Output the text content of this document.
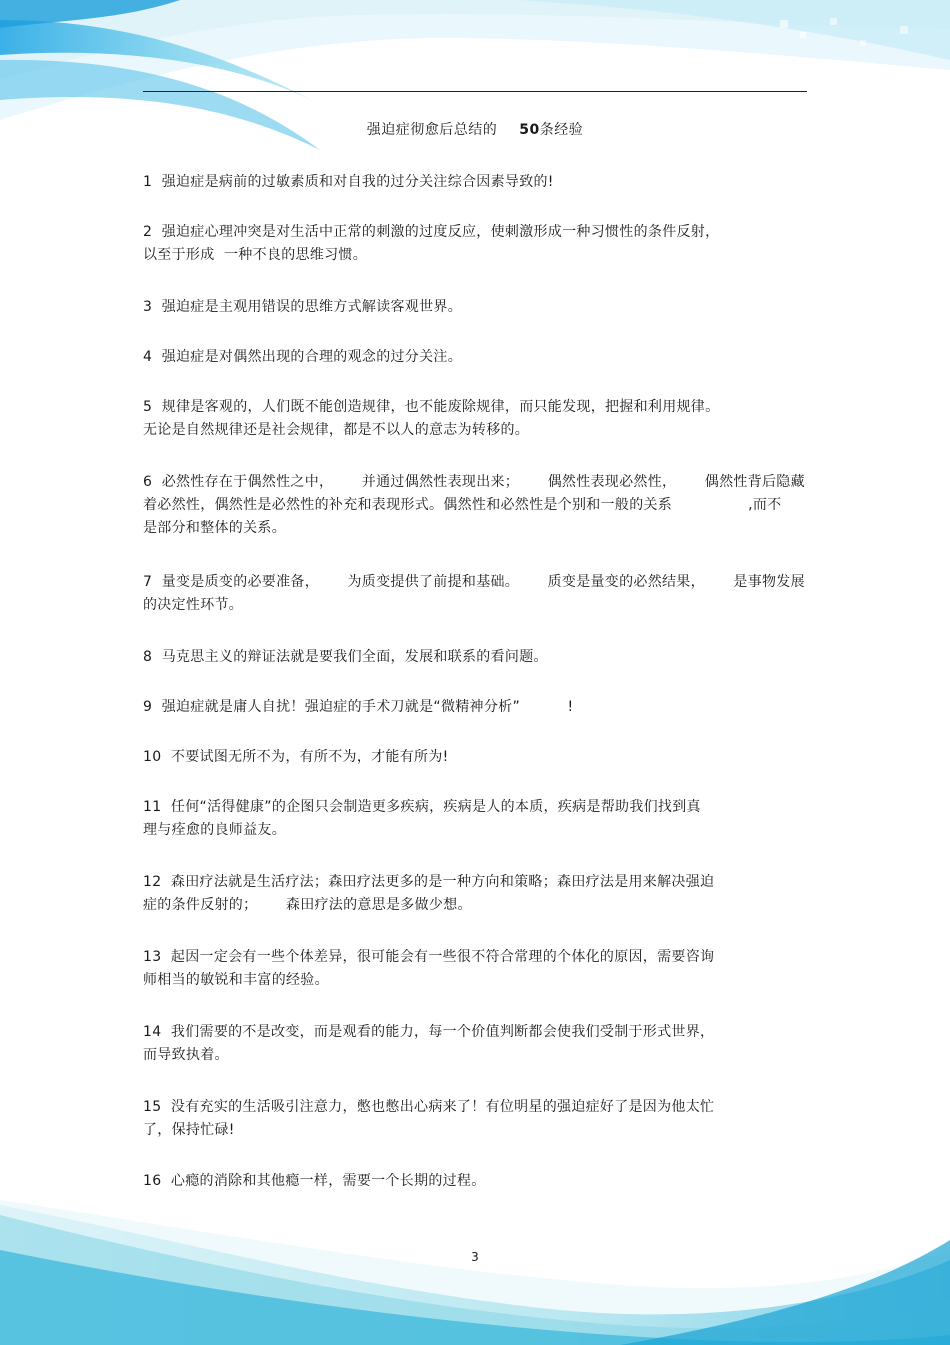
强迫症彻愈后总结的 50条经验
1  强迫症是病前的过敏素质和对自我的过分关注综合因素导致的!
2  强迫症心理冲突是对生活中正常的刺激的过度反应，使刺激形成一种习惯性的条件反射，
以至于形成  一种不良的思维习惯。
3  强迫症是主观用错误的思维方式解读客观世界。
4  强迫症是对偶然出现的合理的观念的过分关注。
5  规律是客观的，人们既不能创造规律，也不能废除规律，而只能发现，把握和利用规律。
无论是自然规律还是社会规律，都是不以人的意志为转移的。
6  必然性存在于偶然性之中，      并通过偶然性表现出来；      偶然性表现必然性，      偶然性背后隐藏
着必然性，偶然性是必然性的补充和表现形式。偶然性和必然性是个别和一般的关系                ,而不
是部分和整体的关系。
7  量变是质变的必要准备，      为质变提供了前提和基础。      质变是量变的必然结果，      是事物发展
的决定性环节。
8  马克思主义的辩证法就是要我们全面，发展和联系的看问题。
9  强迫症就是庸人自扰！强迫症的手术刀就是“微精神分析”          !
10  不要试图无所不为，有所不为，才能有所为!
11  任何“活得健康”的企图只会制造更多疾病，疾病是人的本质，疾病是帮助我们找到真
理与痊愈的良师益友。
12  森田疗法就是生活疗法；森田疗法更多的是一种方向和策略；森田疗法是用来解决强迫
症的条件反射的；      森田疗法的意思是多做少想。
13  起因一定会有一些个体差异，很可能会有一些很不符合常理的个体化的原因，需要咨询
师相当的敏锐和丰富的经验。
14  我们需要的不是改变，而是观看的能力，每一个价值判断都会使我们受制于形式世界，
而导致执着。
15  没有充实的生活吸引注意力，憋也憋出心病来了！有位明星的强迫症好了是因为他太忙
了，保持忙碌!
16  心瘾的消除和其他瘾一样，需要一个长期的过程。
3
